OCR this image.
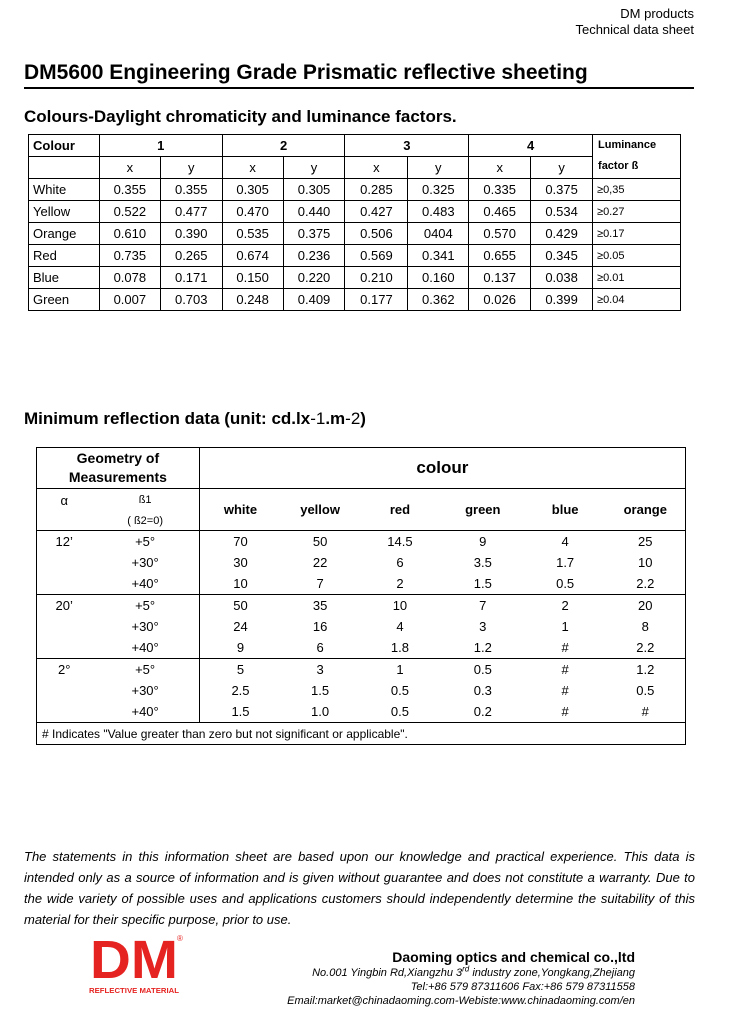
DM products
Technical data sheet
DM5600 Engineering Grade Prismatic reflective sheeting
Colours-Daylight chromaticity and luminance factors.
Colour	1		2		3		4		Luminance
factor ß

	x	y	x	y	x	y	x	y	
White	0.355	0.355	0.305	0.305	0.285	0.325	0.335	0.375	≥0,35
Yellow	0.522	0.477	0.470	0.440	0.427	0.483	0.465	0.534	≥0.27
Orange	0.610	0.390	0.535	0.375	0.506	0404	0.570	0.429	≥0.17
Red	0.735	0.265	0.674	0.236	0.569	0.341	0.655	0.345	≥0.05
Blue	0.078	0.171	0.150	0.220	0.210	0.160	0.137	0.038	≥0.01
Green	0.007	0.703	0.248	0.409	0.177	0.362	0.026	0.399	≥0.04
Minimum reflection data (unit: cd.lx-1.m-2)
Geometry of
Measurements		colour					
α	ß1	white	yellow	red	green	blue	orange
	( ß2=0)						
12’	+5°	70	50	14.5	9	4	25
	+30°	30	22	6	3.5	1.7	10
	+40°	10	7	2	1.5	0.5	2.2
20’	+5°	50	35	10	7	2	20
	+30°	24	16	4	3	1	8
	+40°	9	6	1.8	1.2	#	2.2
2°	+5°	5	3	1	0.5	#	1.2
	+30°	2.5	1.5	0.5	0.3	#	0.5
	+40°	1.5	1.0	0.5	0.2	#	#
# Indicates "Value greater than zero but not significant or applicable".							
The statements in this information sheet are based upon our knowledge and practical experience. This data is intended only as a source of information and is given without guarantee and does not constitute a warranty. Due to the wide variety of possible uses and applications customers should independently determine the suitability of this material for their specific purpose, prior to use.
DM ®
REFLECTIVE MATERIAL
Daoming optics and chemical co.,ltd
No.001 Yingbin Rd,Xiangzhu 3rd industry zone,Yongkang,Zhejiang
Tel:+86 579 87311606 Fax:+86 579 87311558
Email:market@chinadaoming.com-Webiste:www.chinadaoming.com/en
